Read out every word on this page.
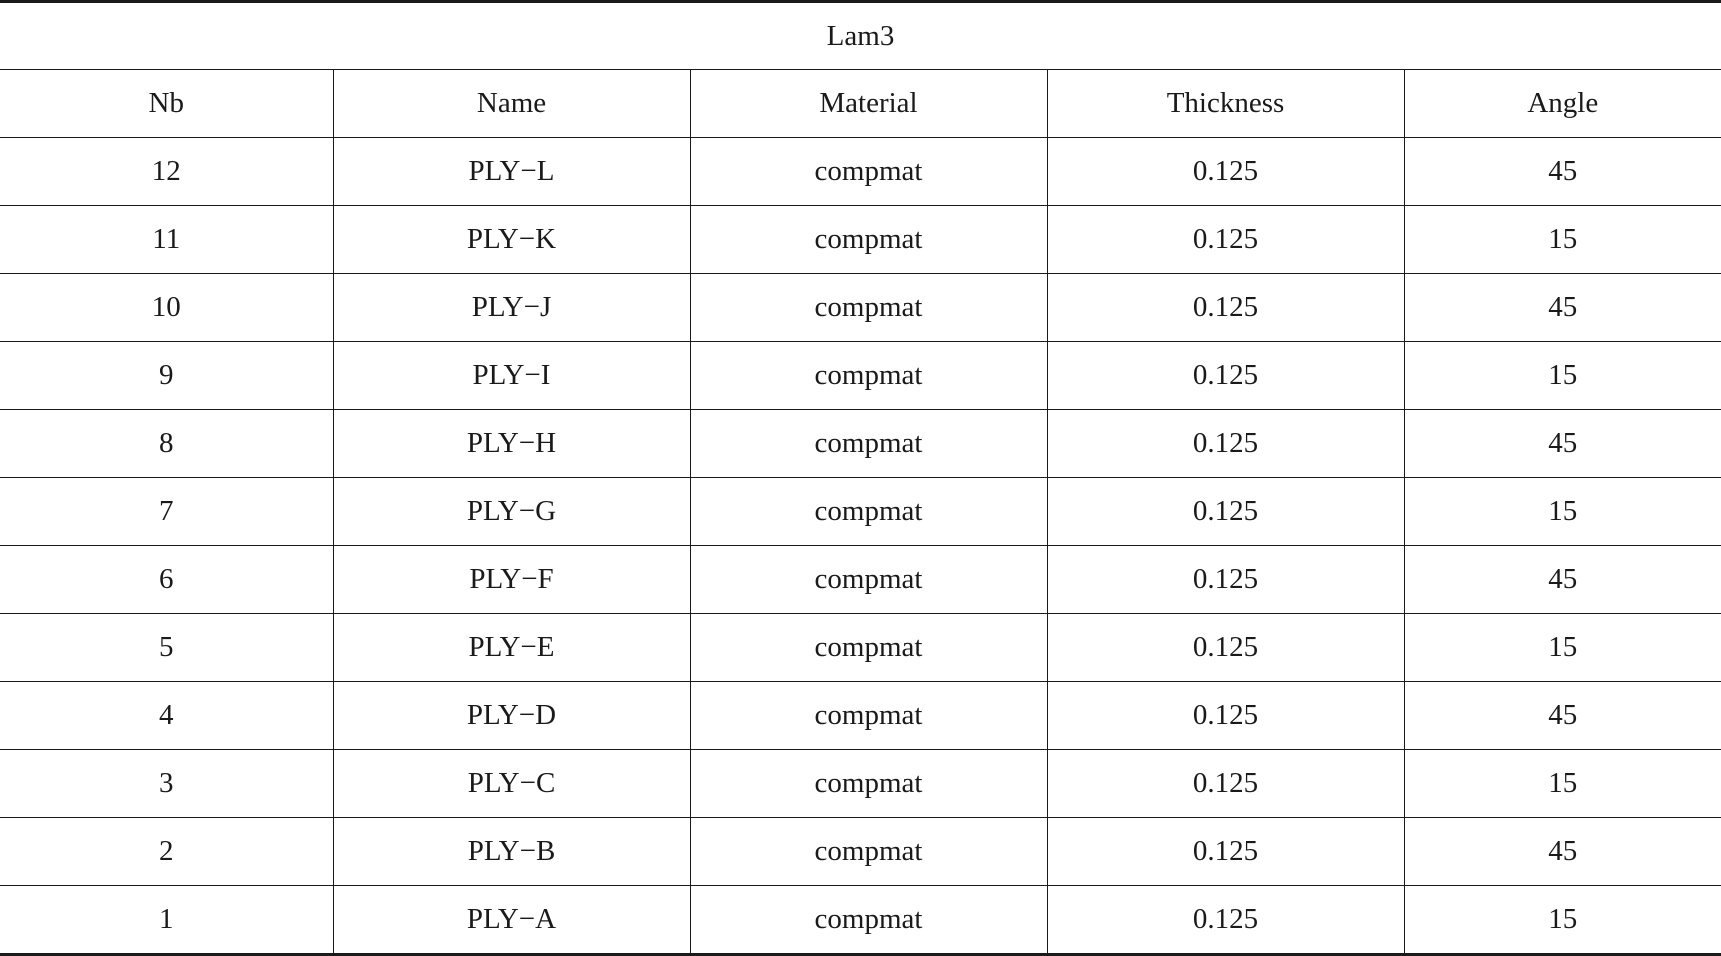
Lam3				
Nb	Name	Material	Thickness	Angle
12	PLY−L	compmat	0.125	45
11	PLY−K	compmat	0.125	15
10	PLY−J	compmat	0.125	45
9	PLY−I	compmat	0.125	15
8	PLY−H	compmat	0.125	45
7	PLY−G	compmat	0.125	15
6	PLY−F	compmat	0.125	45
5	PLY−E	compmat	0.125	15
4	PLY−D	compmat	0.125	45
3	PLY−C	compmat	0.125	15
2	PLY−B	compmat	0.125	45
1	PLY−A	compmat	0.125	15
